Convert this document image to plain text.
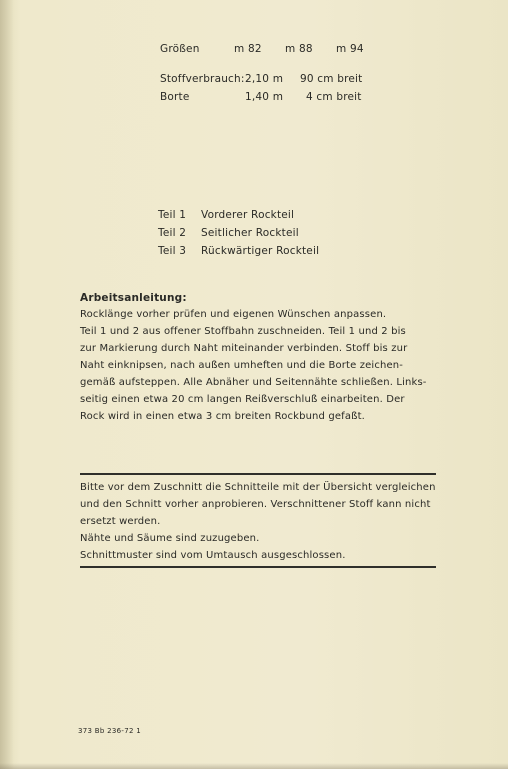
Größen	m 82 m 88 m 94
Stoffverbrauch: 2,10 m 90 cm breit
Borte	1,40 m 4 cm breit
Teil 1 Vorderer Rockteil
Teil 2 Seitlicher Rockteil
Teil 3 Rückwärtiger Rockteil
Arbeitsanleitung:
Rocklänge vorher prüfen und eigenen Wünschen anpassen.
Teil 1 und 2 aus offener Stoffbahn zuschneiden. Teil 1 und 2 bis
zur Markierung durch Naht miteinander verbinden. Stoff bis zur
Naht einknipsen, nach außen umheften und die Borte zeichen-
gemäß aufsteppen. Alle Abnäher und Seitennähte schließen. Links-
seitig einen etwa 20 cm langen Reißverschluß einarbeiten. Der
Rock wird in einen etwa 3 cm breiten Rockbund gefaßt.
Bitte vor dem Zuschnitt die Schnitteile mit der Übersicht vergleichen
und den Schnitt vorher anprobieren. Verschnittener Stoff kann nicht
ersetzt werden.
Nähte und Säume sind zuzugeben.
Schnittmuster sind vom Umtausch ausgeschlossen.
373 Bb 236-72 1
